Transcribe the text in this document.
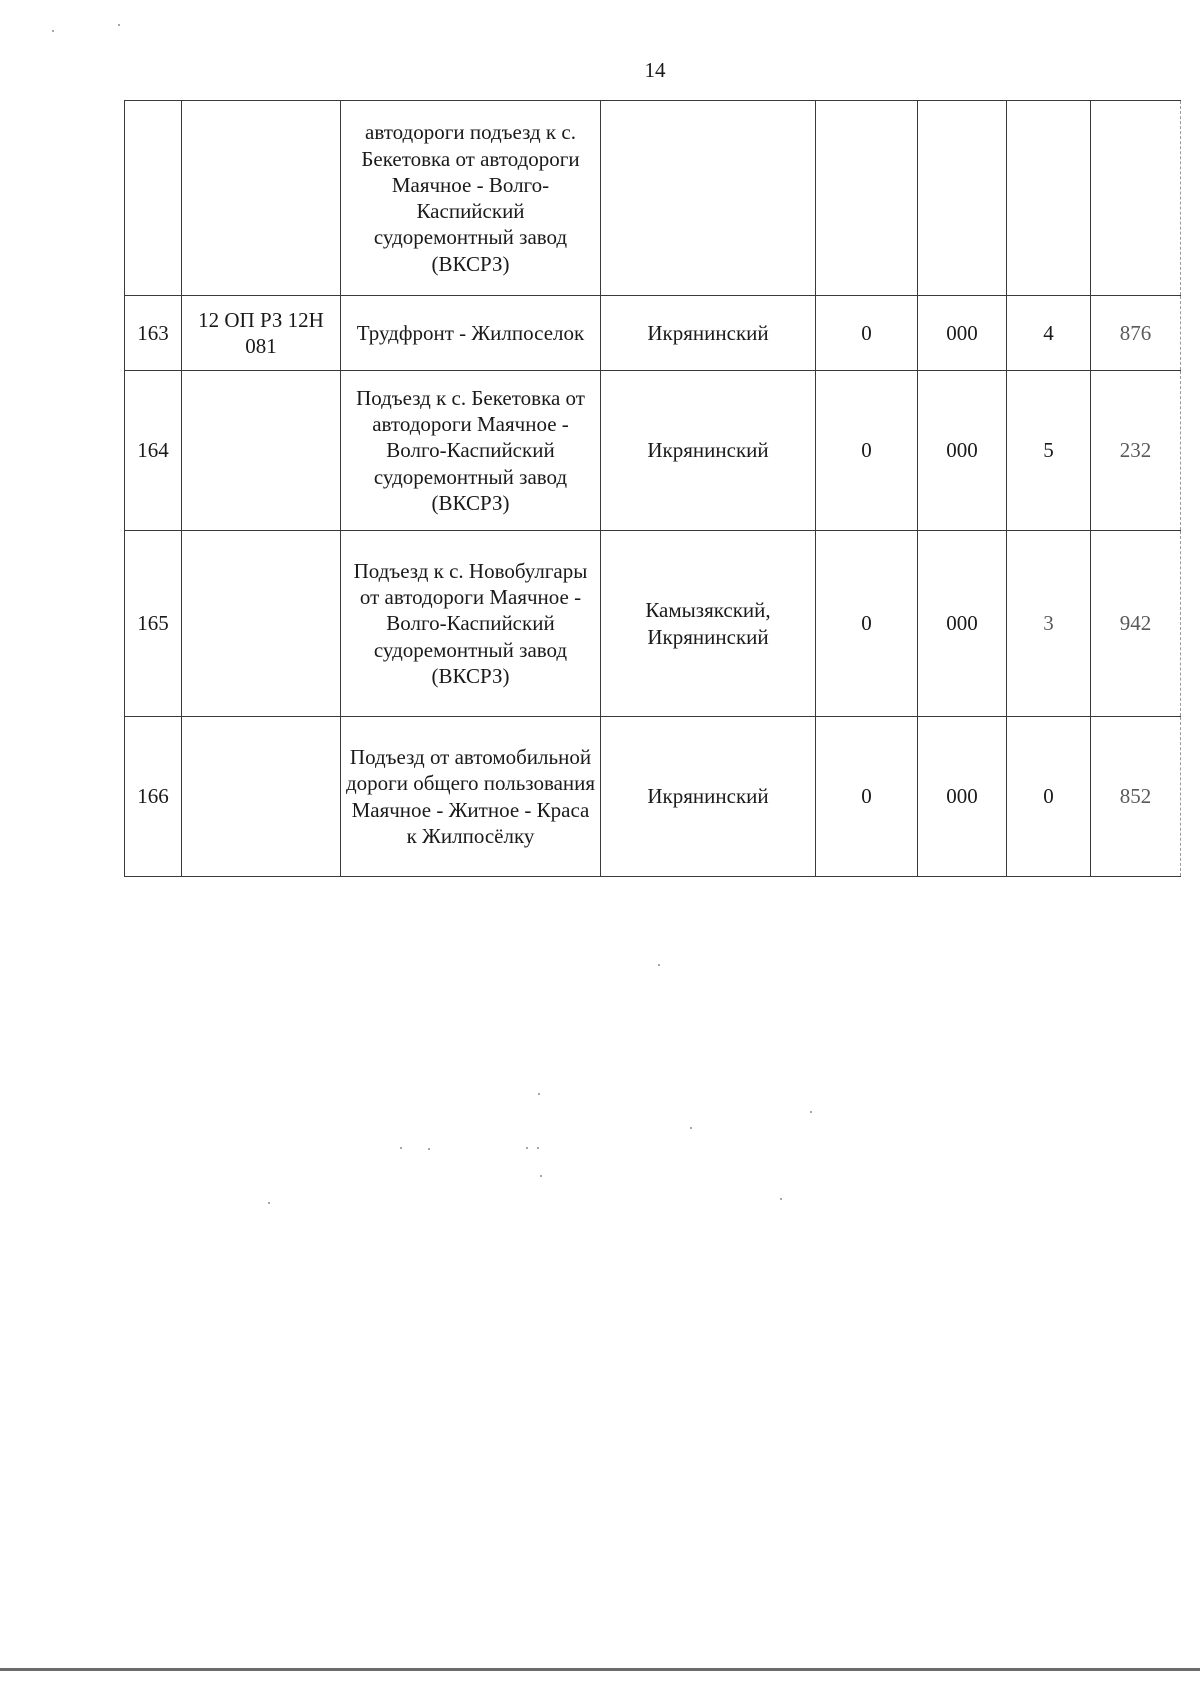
14
		автодороги подъезд к с. Бекетовка от автодороги Маячное - Волго-Каспийский судоремонтный завод (ВКСРЗ)					
163	12 ОП РЗ 12Н 081	Трудфронт - Жилпоселок	Икрянинский	0	000	4	876
164		Подъезд к с. Бекетовка от автодороги Маячное - Волго-Каспийский судоремонтный завод (ВКСРЗ)	Икрянинский	0	000	5	232
165		Подъезд к с. Новобулгары от автодороги Маячное - Волго-Каспийский судоремонтный завод (ВКСРЗ)	Камызякский, Икрянинский	0	000	3	942
166		Подъезд от автомобильной дороги общего пользования Маячное - Житное - Краса к Жилпосёлку	Икрянинский	0	000	0	852
